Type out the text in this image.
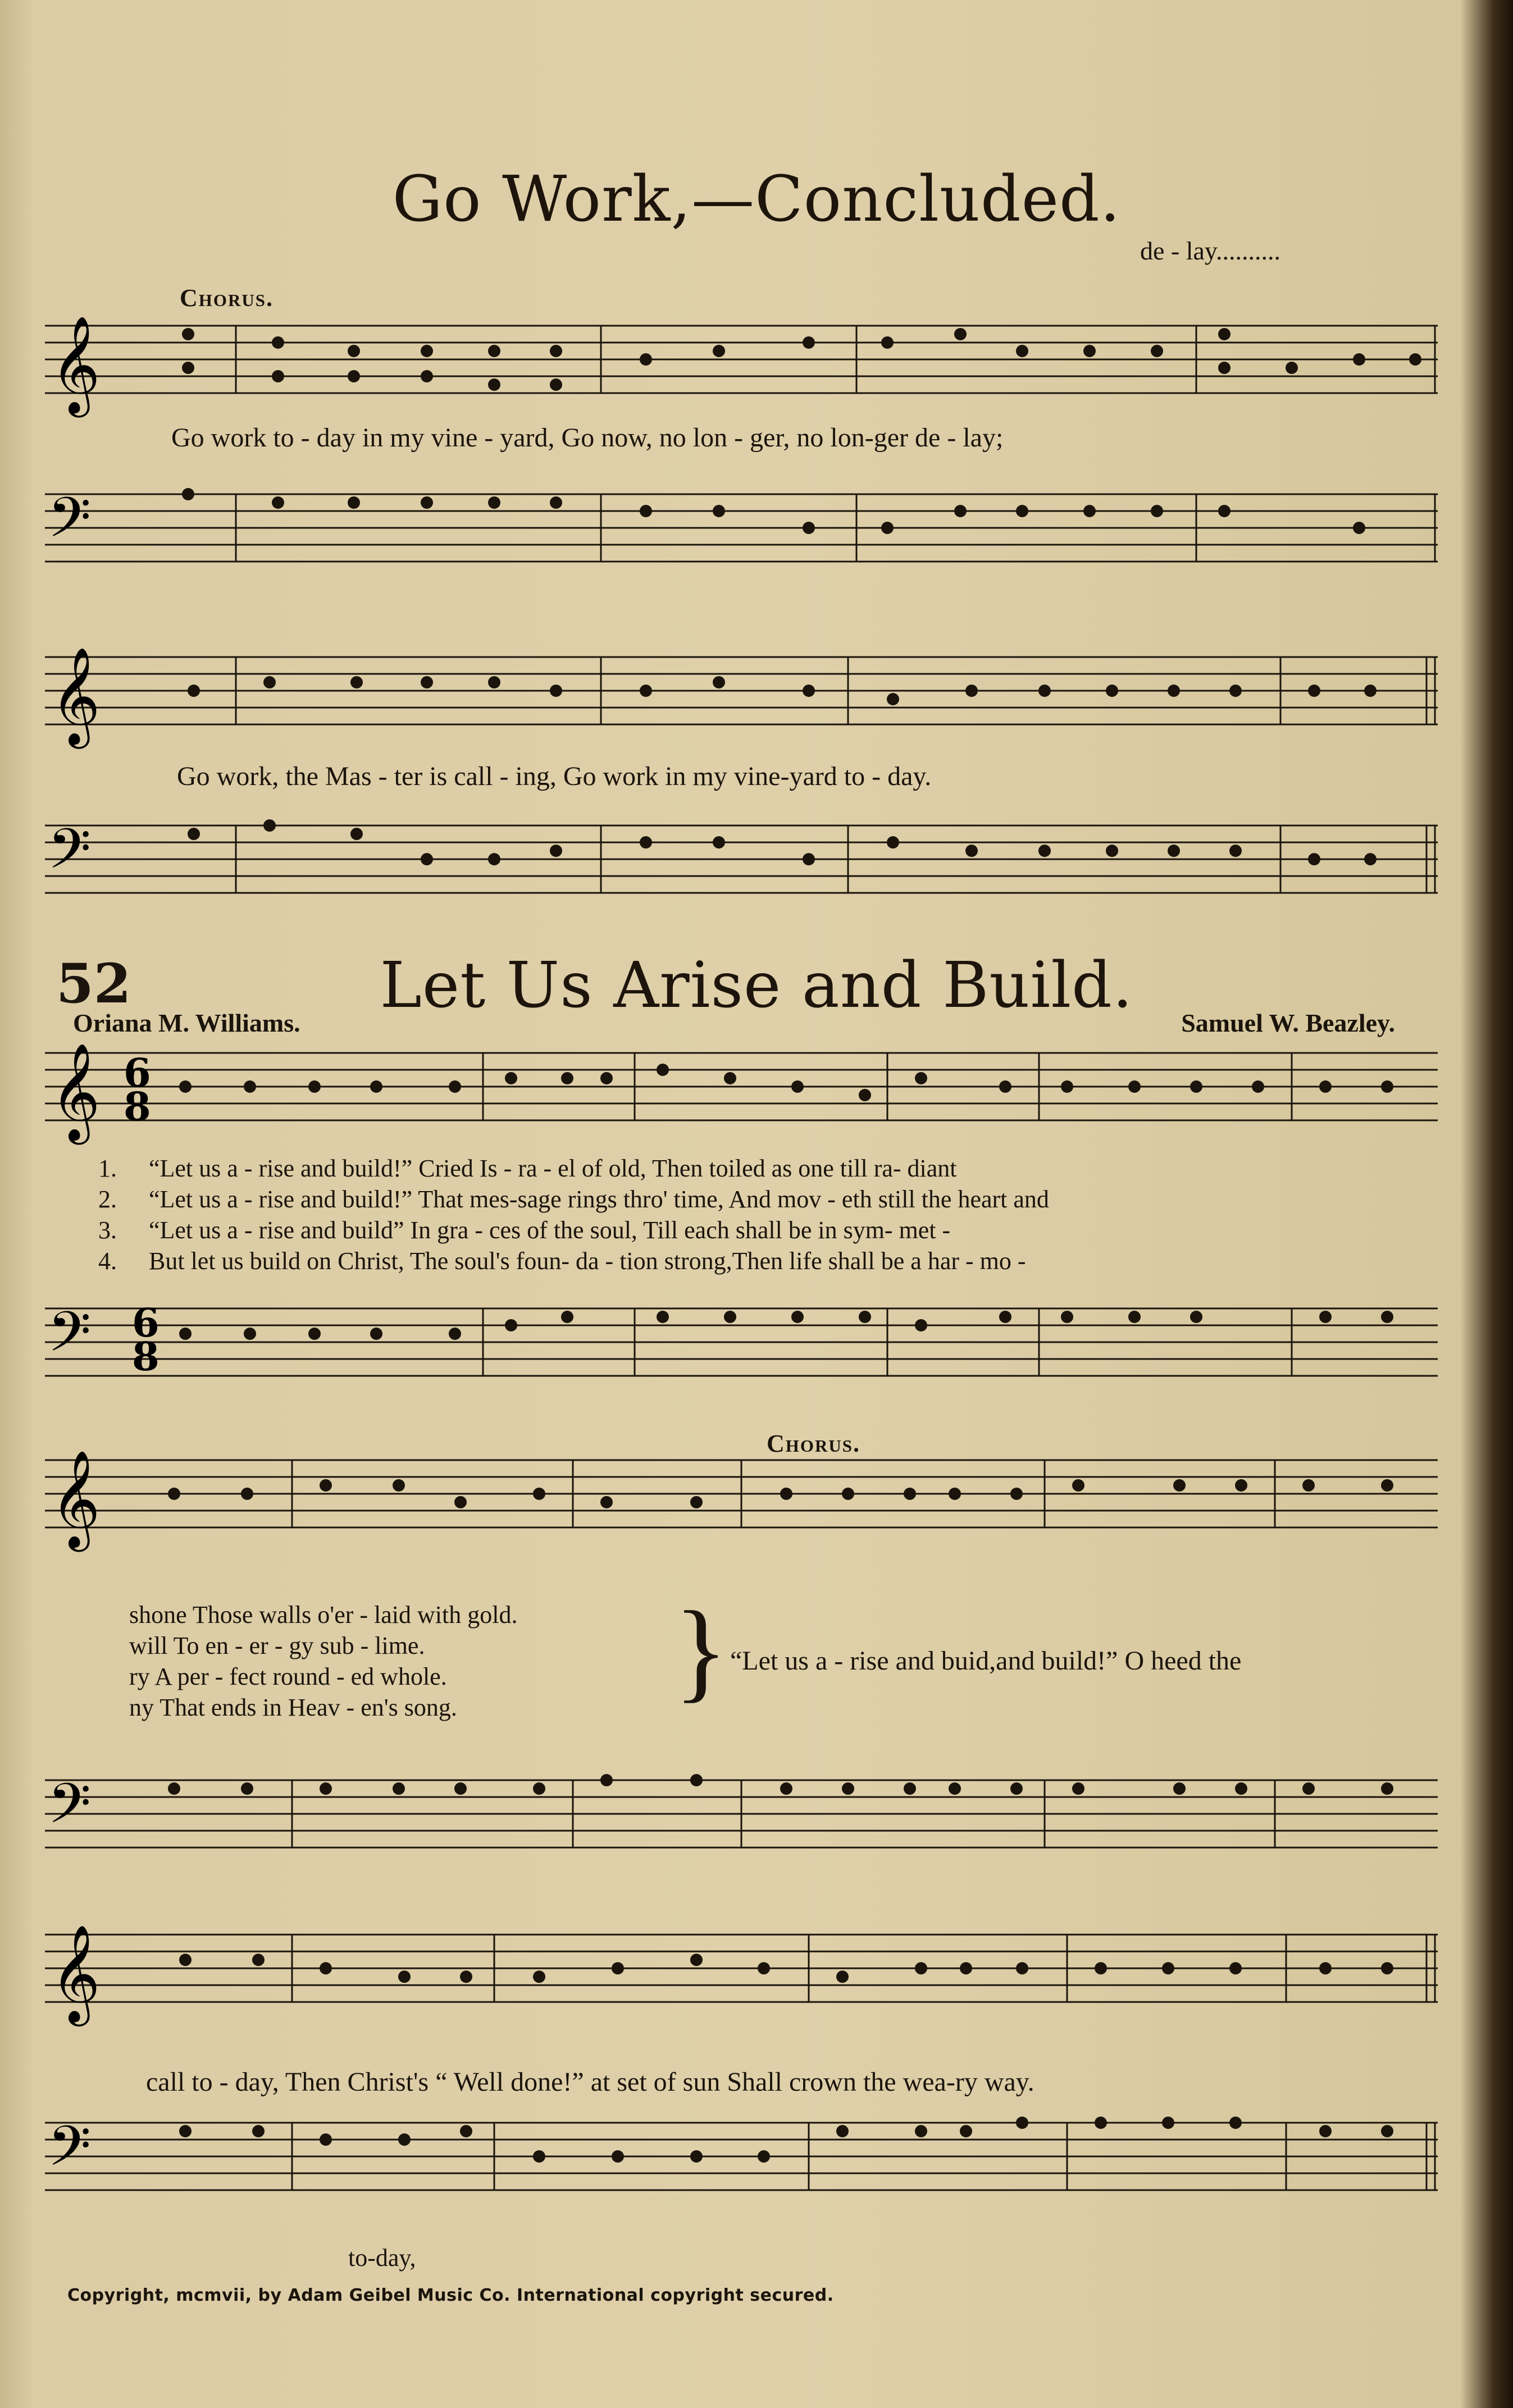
Go Work,—Concluded.
de - lay..........
Chorus.
𝄞
Go work to - day in my vine - yard, Go now, no lon - ger, no lon-ger de - lay;
𝄢
𝄞
Go work, the Mas - ter is call - ing, Go work in my vine-yard to - day.
𝄢
52	Let Us Arise and Build.
Oriana M. Williams.	Samuel W. Beazley.
𝄞 6
8
1. “Let us a - rise and build!” Cried Is - ra - el of old, Then toiled as one till ra- diant
2. “Let us a - rise and build!” That mes-sage rings thro' time, And mov - eth still the heart and
3. “Let us a - rise and build” In gra - ces of the soul, Till each shall be in sym- met -
4. But let us build on Christ, The soul's foun- da - tion strong,Then life shall be a har - mo -
𝄢 6
8
𝄞
Chorus.
shone Those walls o'er - laid with gold.
will To en - er - gy sub - lime.
ry A per - fect round - ed whole.
ny That ends in Heav - en's song. } “Let us a - rise and buid,and build!” O heed the
𝄢
𝄞
call to - day, Then Christ's “ Well done!” at set of sun Shall crown the wea-ry way.
𝄢
to-day,
Copyright, mcmvii, by Adam Geibel Music Co. International copyright secured.
